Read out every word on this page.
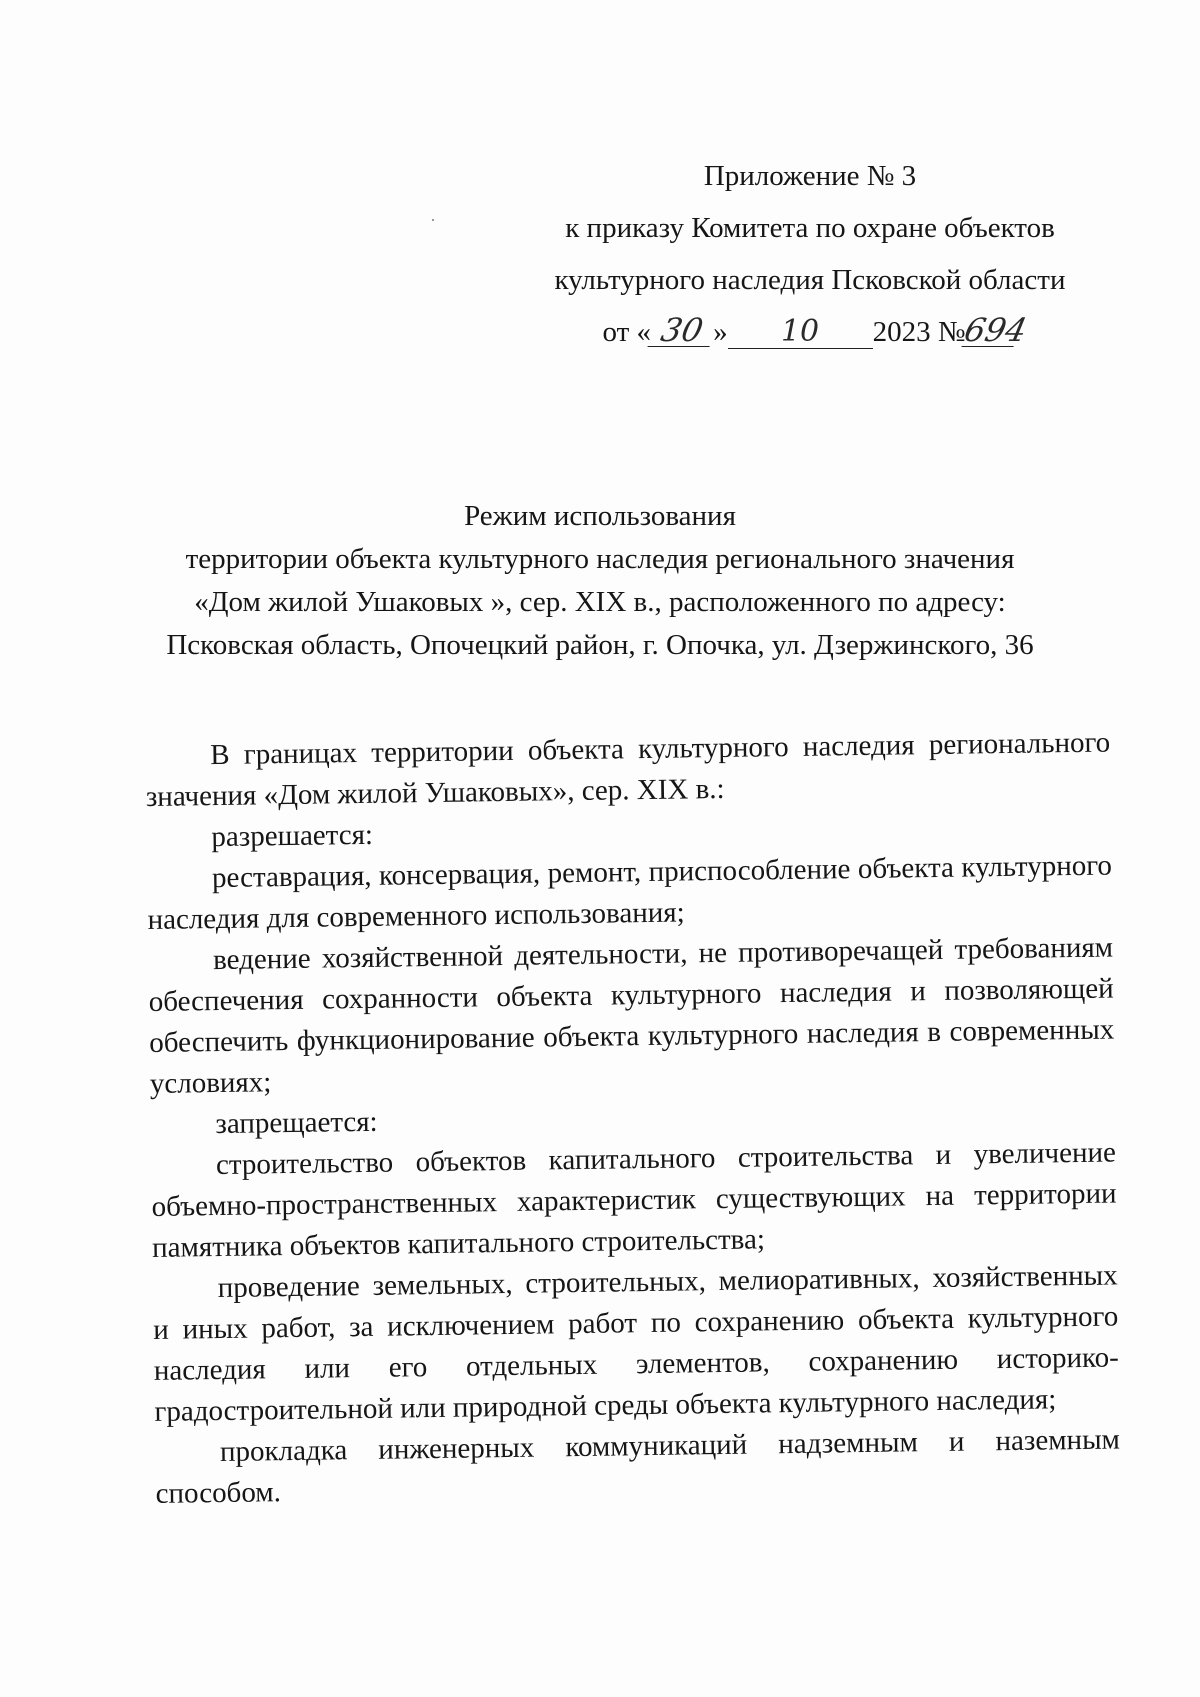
Приложение № 3
к приказу Комитета по охране объектов
культурного наследия Псковской области
от « 30 » 10 2023 №694
Режим использования
территории объекта культурного наследия регионального значения
«Дом жилой Ушаковых », сер. XIX в., расположенного по адресу:
Псковская область, Опочецкий район, г. Опочка, ул. Дзержинского, 36

В границах территории объекта культурного наследия регионального значения «Дом жилой Ушаковых», сер. XIX в.:

разрешается:

реставрация, консервация, ремонт, приспособление объекта культурного наследия для современного использования;

ведение хозяйственной деятельности, не противоречащей требованиям обеспечения сохранности объекта культурного наследия и позволяющей обеспечить функционирование объекта культурного наследия в современных условиях;

запрещается:

строительство объектов капитального строительства и увеличение объемно-пространственных характеристик существующих на территории памятника объектов капитального строительства;

проведение земельных, строительных, мелиоративных, хозяйственных и иных работ, за исключением работ по сохранению объекта культурного наследия или его отдельных элементов, сохранению историко-градостроительной или природной среды объекта культурного наследия;

прокладка инженерных коммуникаций надземным и наземным способом.
